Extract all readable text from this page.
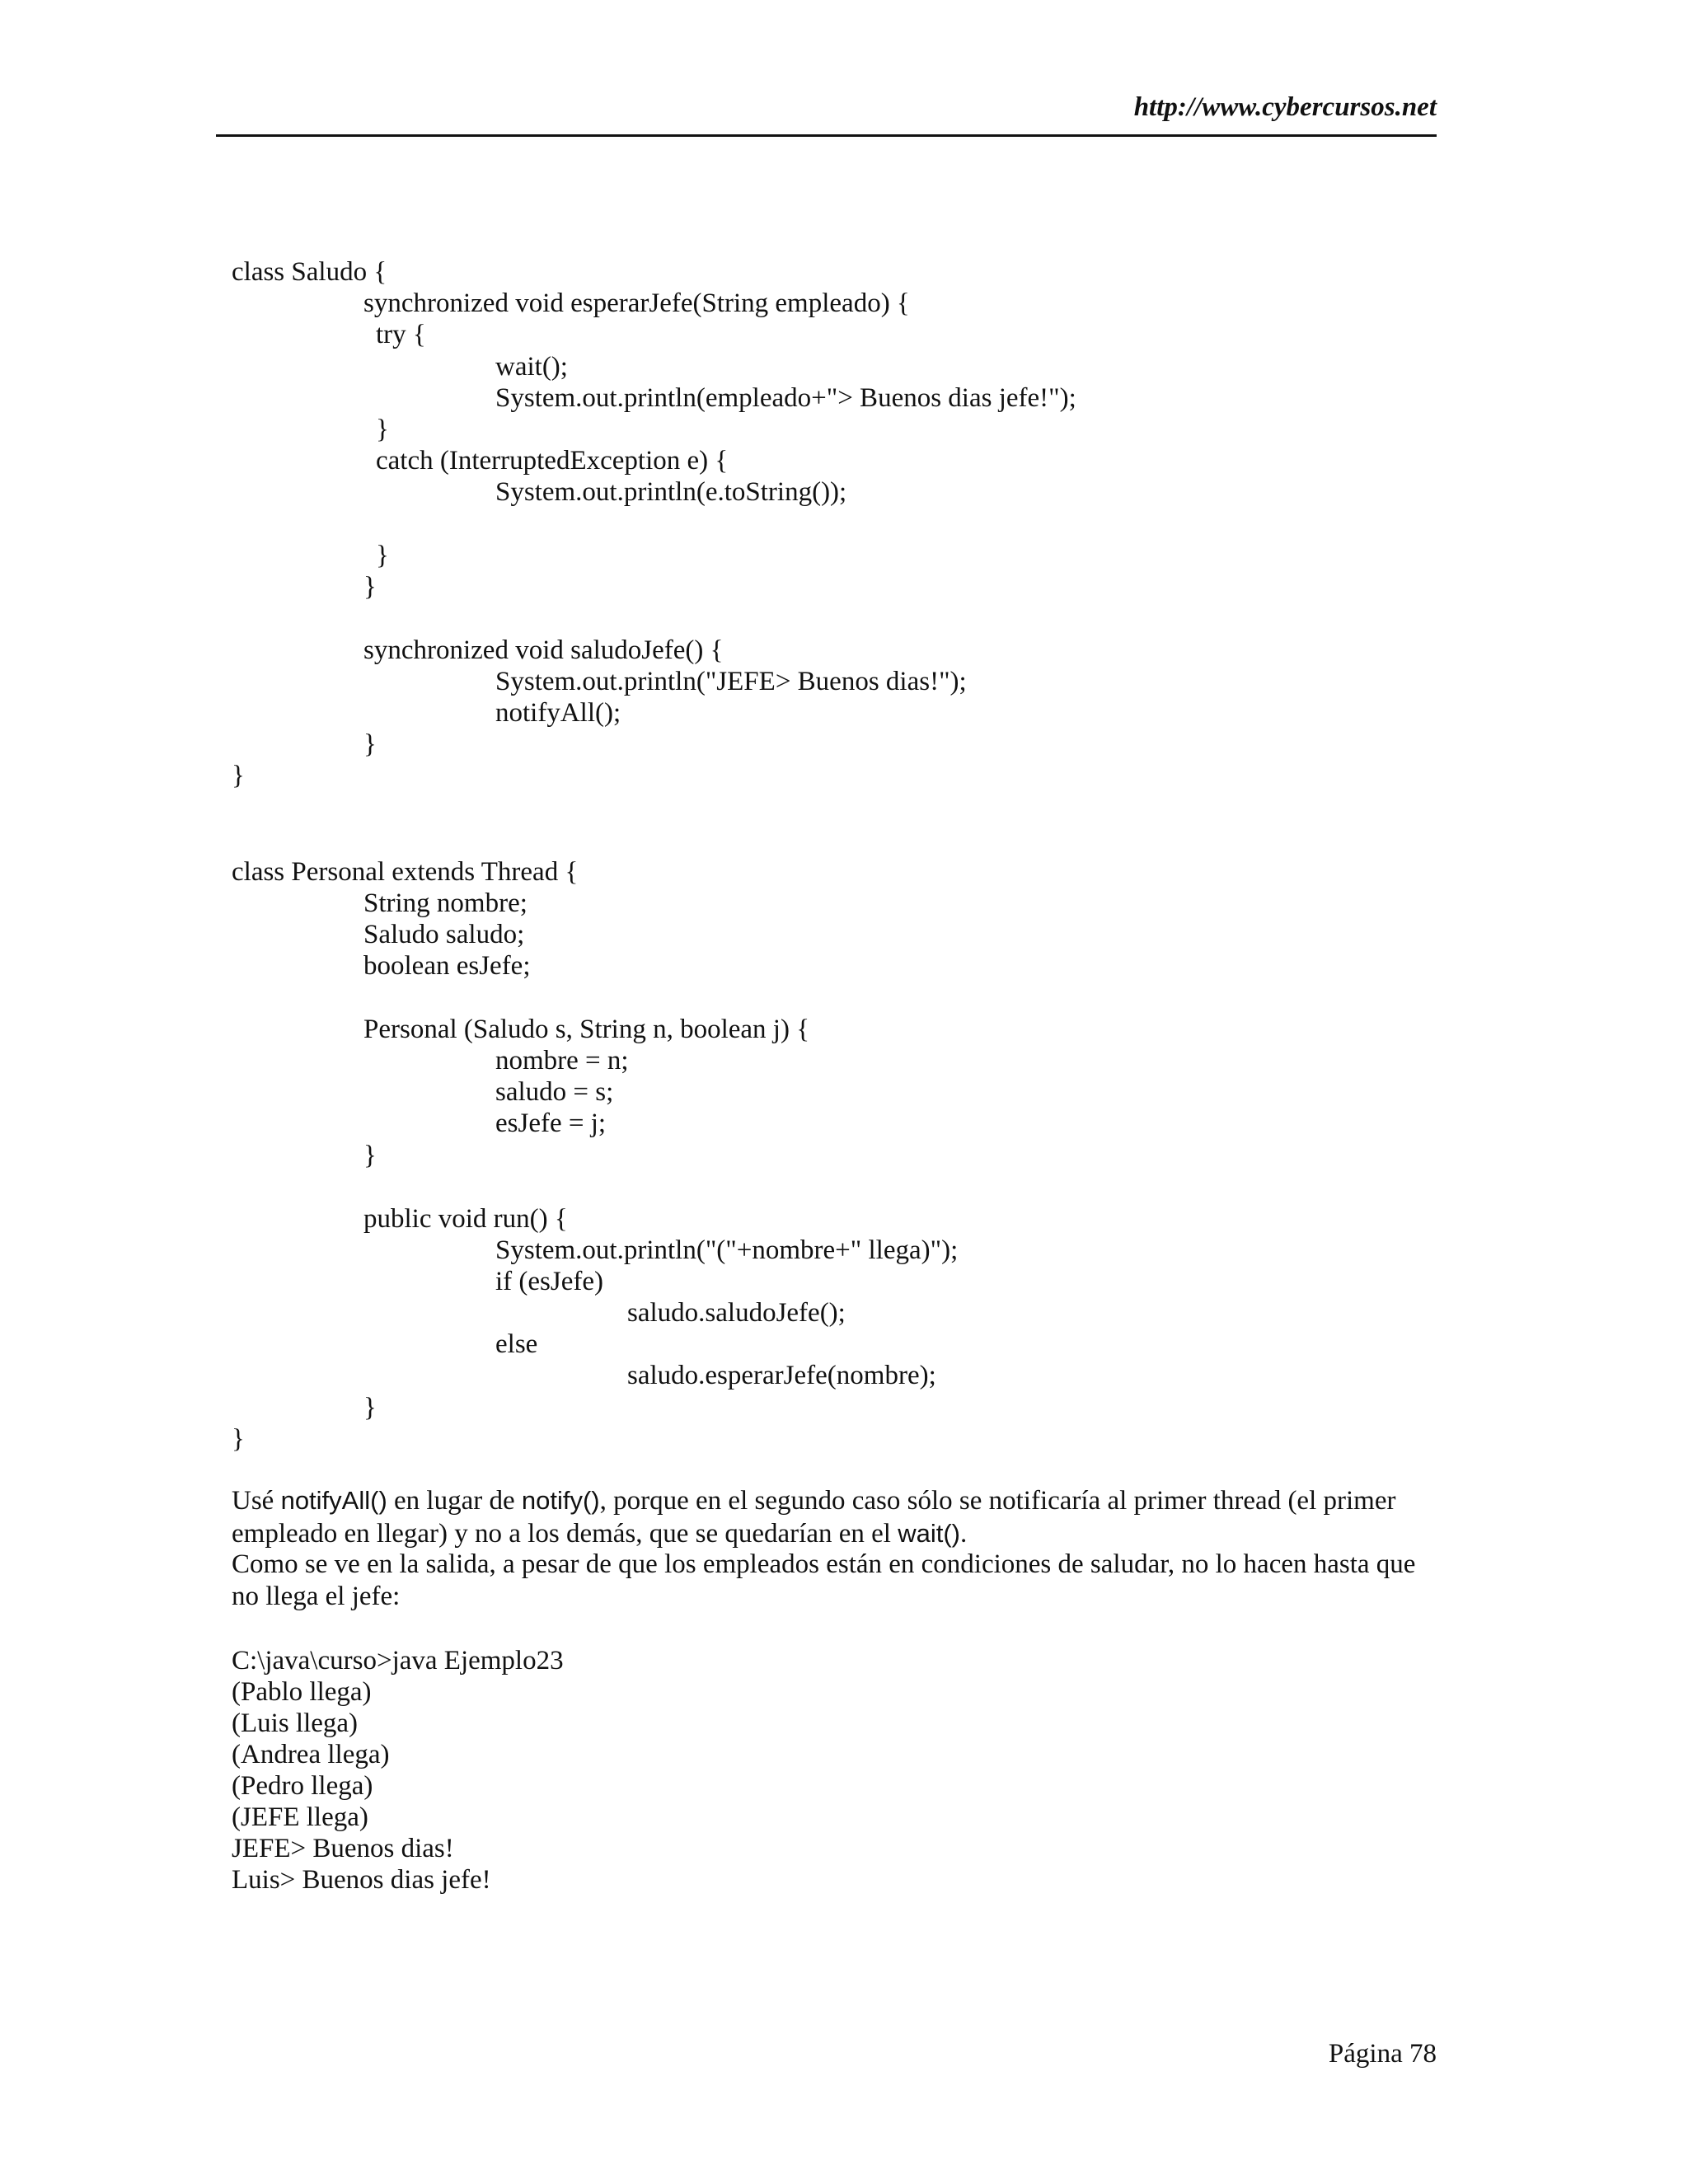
http://www.cybercursos.net
class Saludo {
synchronized void esperarJefe(String empleado) {
try {
wait();
System.out.println(empleado+"> Buenos dias jefe!");
}
catch (InterruptedException e) {
System.out.println(e.toString());
}
}
synchronized void saludoJefe() {
System.out.println("JEFE> Buenos dias!");
notifyAll();
}
}
class Personal extends Thread {
String nombre;
Saludo saludo;
boolean esJefe;
Personal (Saludo s, String n, boolean j) {
nombre = n;
saludo = s;
esJefe = j;
}
public void run() {
System.out.println("("+nombre+" llega)");
if (esJefe)
saludo.saludoJefe();
else
saludo.esperarJefe(nombre);
}
}
Usé notifyAll() en lugar de notify(), porque en el segundo caso sólo se notificaría al primer thread (el primer empleado en llegar) y no a los demás, que se quedarían en el wait().
Como se ve en la salida, a pesar de que los empleados están en condiciones de saludar, no lo hacen hasta que no llega el jefe:
C:\java\curso>java Ejemplo23
(Pablo llega)
(Luis llega)
(Andrea llega)
(Pedro llega)
(JEFE llega)
JEFE> Buenos dias!
Luis> Buenos dias jefe!
Página 78
